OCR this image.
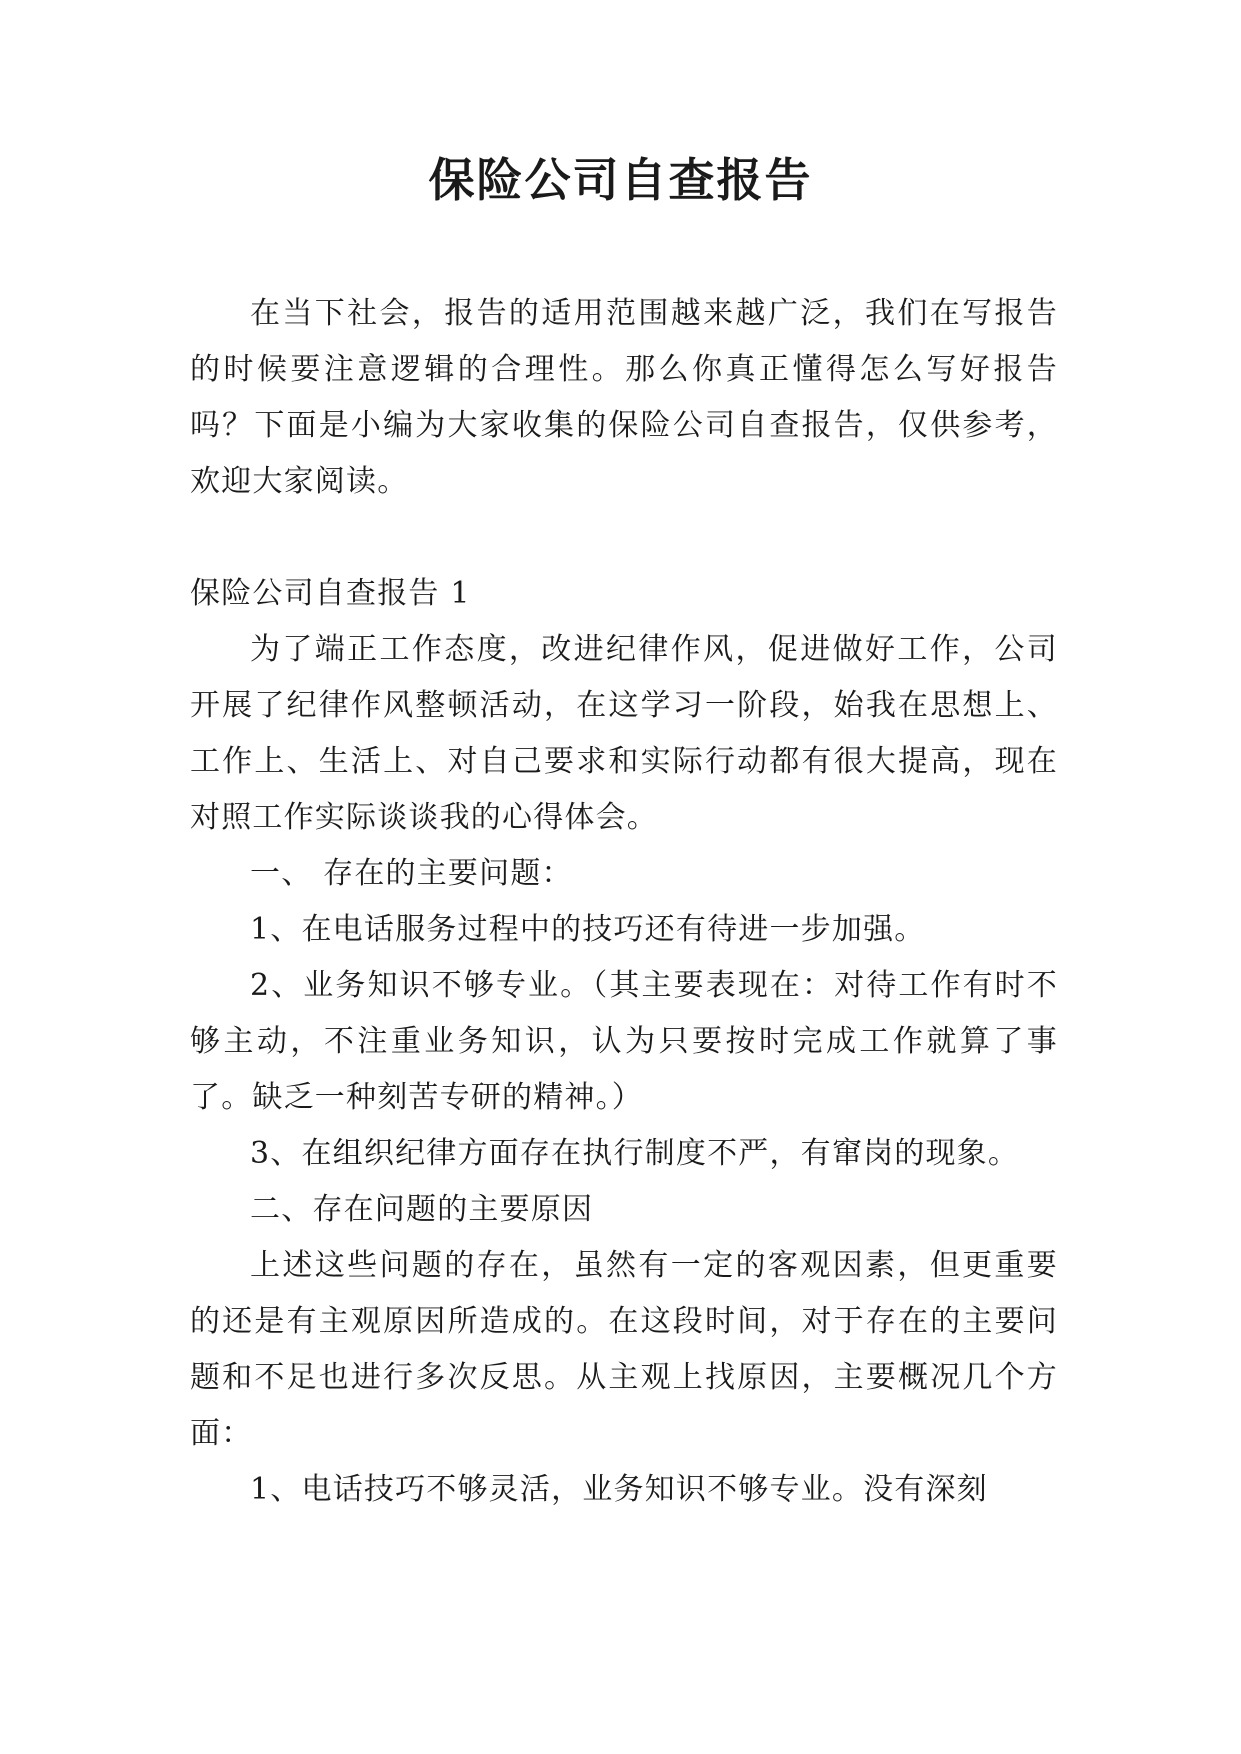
保险公司自查报告

在当下社会，报告的适用范围越来越广泛，我们在写报告的时候要注意逻辑的合理性。那么你真正懂得怎么写好报告吗？下面是小编为大家收集的保险公司自查报告，仅供参考，欢迎大家阅读。

保险公司自查报告 1

为了端正工作态度，改进纪律作风，促进做好工作，公司开展了纪律作风整顿活动，在这学习一阶段，始我在思想上、工作上、生活上、对自己要求和实际行动都有很大提高，现在对照工作实际谈谈我的心得体会。

一、 存在的主要问题：

1、在电话服务过程中的技巧还有待进一步加强。

2、业务知识不够专业。（其主要表现在：对待工作有时不够主动，不注重业务知识，认为只要按时完成工作就算了事了。缺乏一种刻苦专研的精神。）

3、在组织纪律方面存在执行制度不严，有窜岗的现象。

二、存在问题的主要原因

上述这些问题的存在，虽然有一定的客观因素，但更重要的还是有主观原因所造成的。在这段时间，对于存在的主要问题和不足也进行多次反思。从主观上找原因，主要概况几个方面：

1、电话技巧不够灵活，业务知识不够专业。没有深刻
